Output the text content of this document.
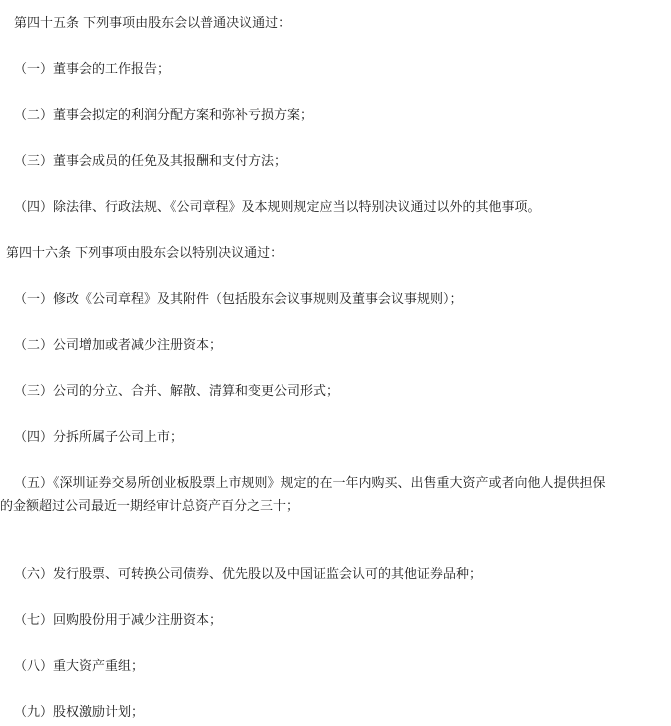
第四十五条 下列事项由股东会以普通决议通过：
（一）董事会的工作报告；
（二）董事会拟定的利润分配方案和弥补亏损方案；
（三）董事会成员的任免及其报酬和支付方法；
（四）除法律、行政法规、《公司章程》及本规则规定应当以特别决议通过以外的其他事项。
第四十六条 下列事项由股东会以特别决议通过：
（一）修改《公司章程》及其附件（包括股东会议事规则及董事会议事规则）；
（二）公司增加或者减少注册资本；
（三）公司的分立、合并、解散、清算和变更公司形式；
（四）分拆所属子公司上市；
（五）《深圳证券交易所创业板股票上市规则》规定的在一年内购买、出售重大资产或者向他人提供担保
的金额超过公司最近一期经审计总资产百分之三十；
（六）发行股票、可转换公司债券、优先股以及中国证监会认可的其他证券品种；
（七）回购股份用于减少注册资本；
（八）重大资产重组；
（九）股权激励计划；
